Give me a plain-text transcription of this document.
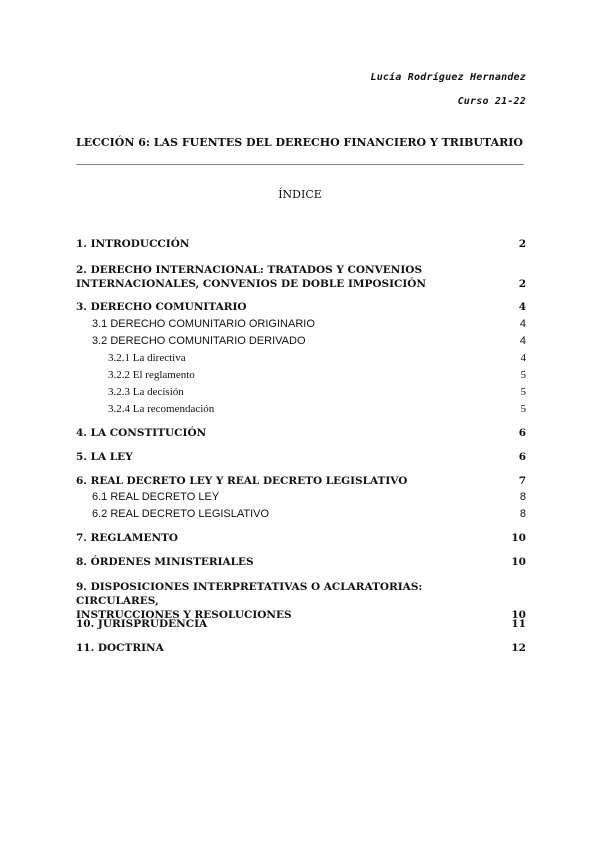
Lucía Rodríguez Hernandez
Curso 21-22
LECCIÓN 6: LAS FUENTES DEL DERECHO FINANCIERO Y TRIBUTARIO
ÍNDICE
1. INTRODUCCIÓN	2
2. DERECHO INTERNACIONAL: TRATADOS Y CONVENIOS
INTERNACIONALES, CONVENIOS DE DOBLE IMPOSICIÓN	2
3. DERECHO COMUNITARIO	4
3.1 DERECHO COMUNITARIO ORIGINARIO	4
3.2 DERECHO COMUNITARIO DERIVADO	4
3.2.1 La directiva	4
3.2.2 El reglamento	5
3.2.3 La decisión	5
3.2.4 La recomendación	5
4. LA CONSTITUCIÓN	6
5. LA LEY	6
6. REAL DECRETO LEY Y REAL DECRETO LEGISLATIVO	7
6.1 REAL DECRETO LEY	8
6.2 REAL DECRETO LEGISLATIVO	8
7. REGLAMENTO	10
8. ÓRDENES MINISTERIALES	10
9. DISPOSICIONES INTERPRETATIVAS O ACLARATORIAS: CIRCULARES,
INSTRUCCIONES Y RESOLUCIONES	10
10. JURISPRUDENCIA	11
11. DOCTRINA	12
